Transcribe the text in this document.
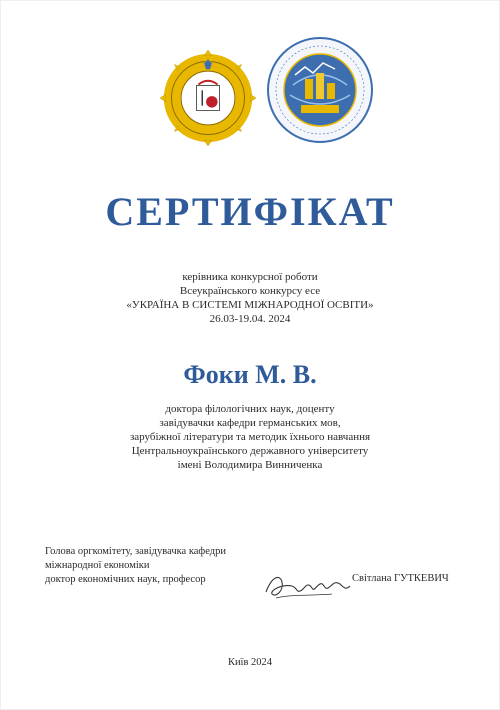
СЕРТИФІКАТ
керівника конкурсної роботи
Всеукраїнського конкурсу есе
«УКРАЇНА В СИСТЕМІ МІЖНАРОДНОЇ ОСВІТИ»
26.03-19.04. 2024
Фоки М. В.
доктора філологічних наук, доценту
завідувачки кафедри германських мов,
зарубіжної літератури та методик їхнього навчання
Центральноукраїнського державного університету
імені Володимира Винниченка
Голова оргкомітету, завідувачка кафедри
міжнародної економіки
доктор економічних наук, професор	Світлана ГУТКЕВИЧ
Київ 2024
